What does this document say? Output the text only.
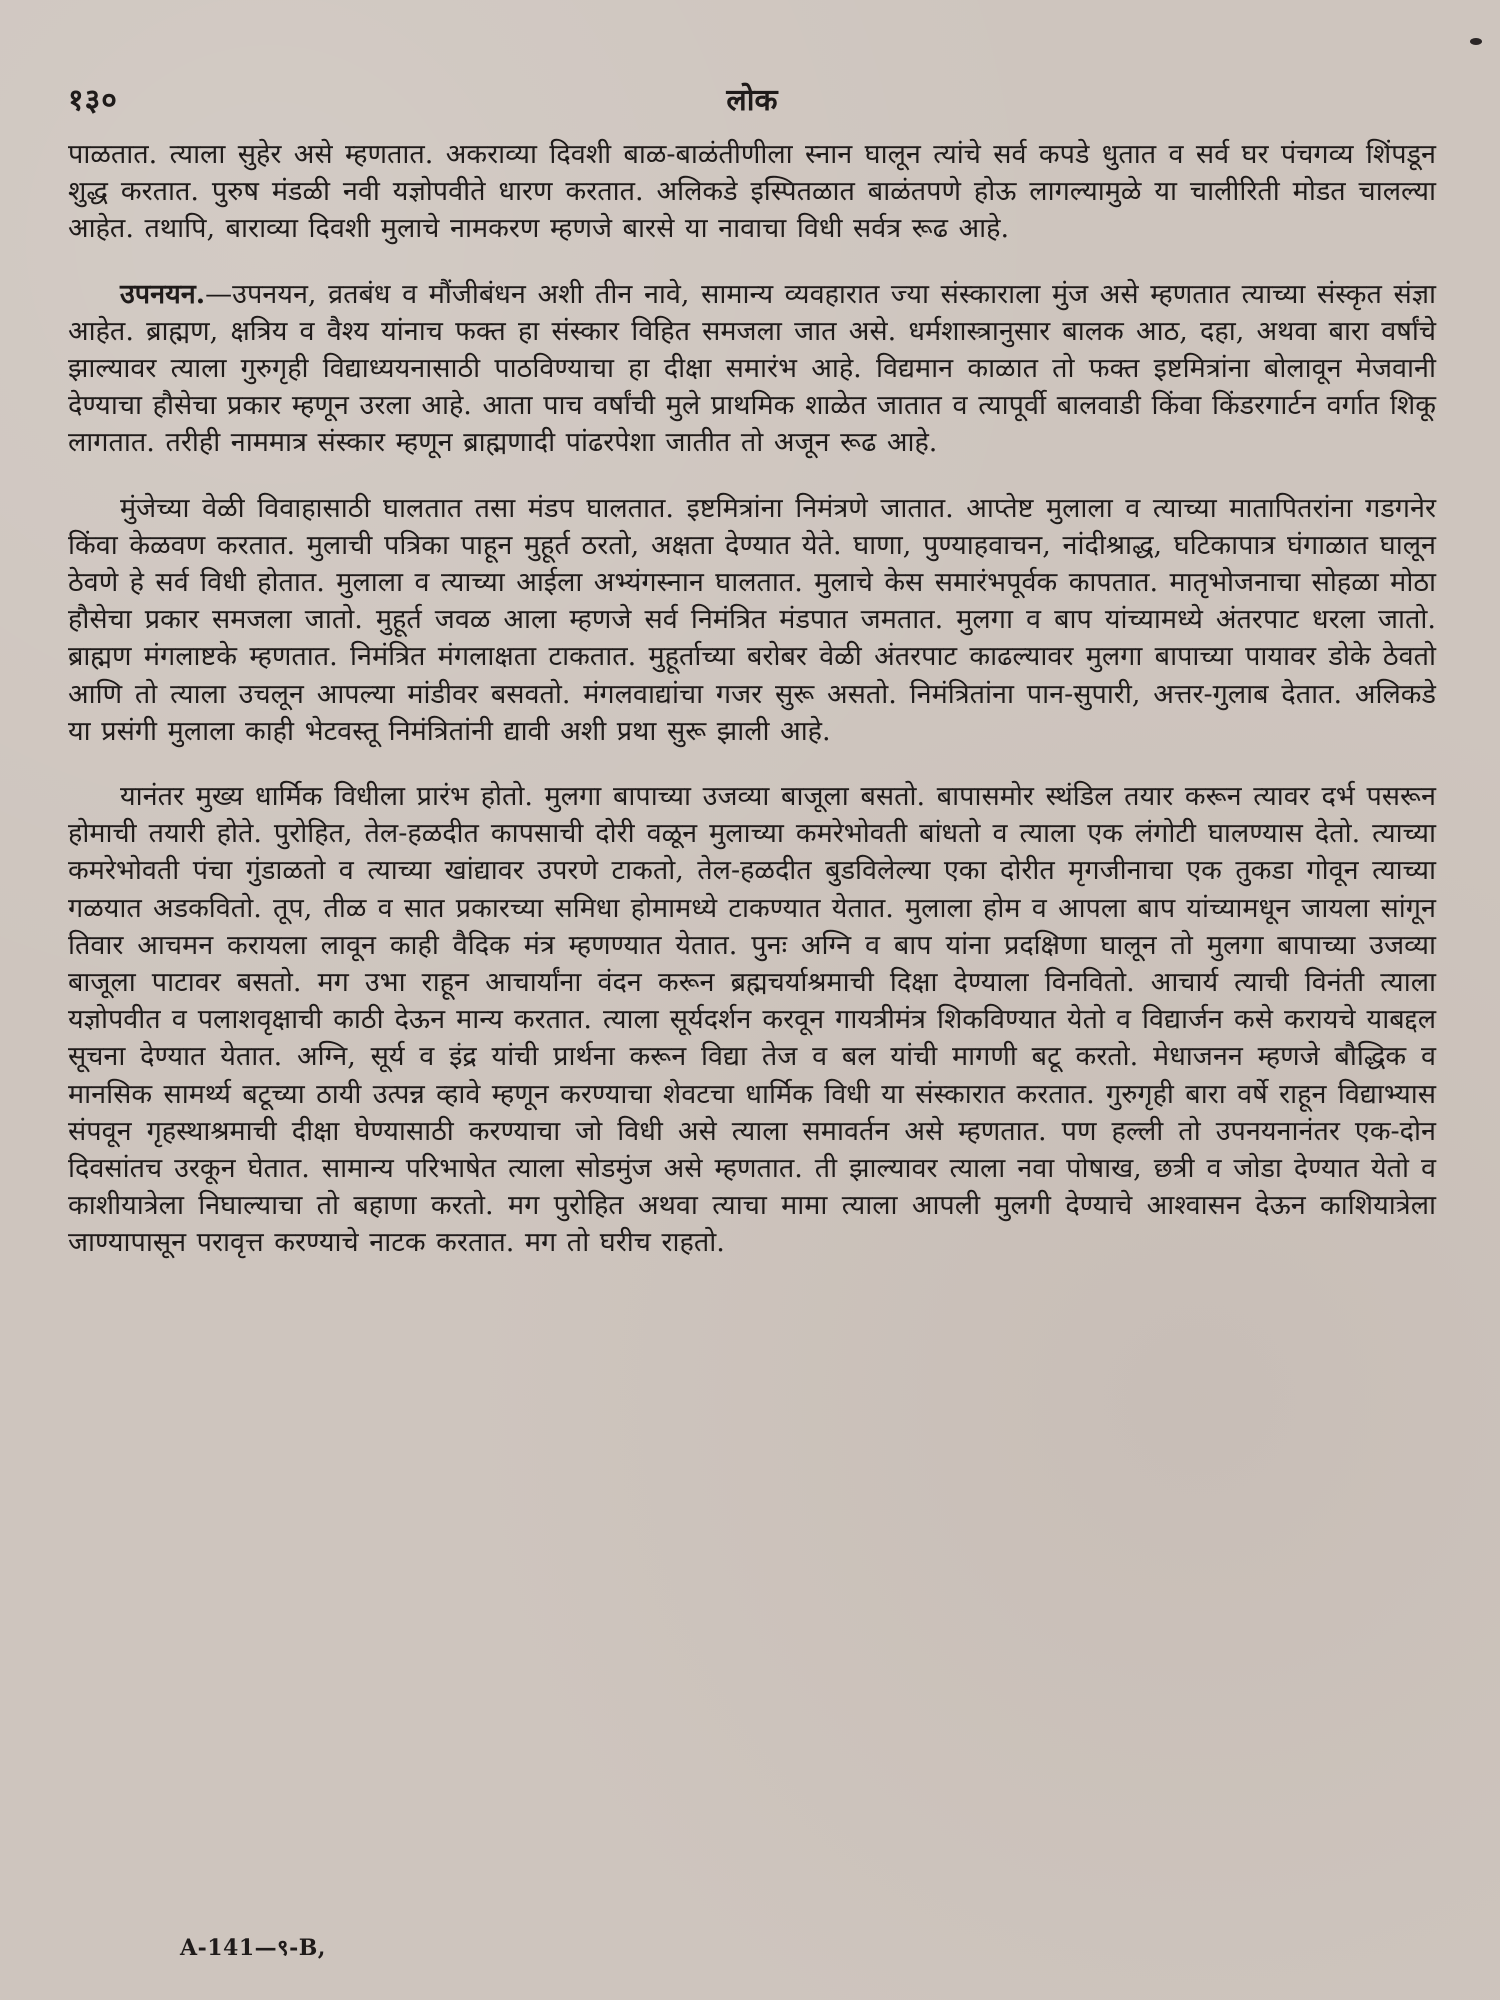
१३०	लोक

पाळतात. त्याला सुहेर असे म्हणतात. अकराव्या दिवशी बाळ-बाळंतीणीला स्नान घालून त्यांचे सर्व कपडे धुतात व सर्व घर पंचगव्य शिंपडून शुद्ध करतात. पुरुष मंडळी नवी यज्ञोपवीते धारण करतात. अलिकडे इस्पितळात बाळंतपणे होऊ लागल्यामुळे या चालीरिती मोडत चालल्या आहेत. तथापि, बाराव्या दिवशी मुलाचे नामकरण म्हणजे बारसे या नावाचा विधी सर्वत्र रूढ आहे.

उपनयन.—उपनयन, व्रतबंध व मौंजीबंधन अशी तीन नावे, सामान्य व्यवहारात ज्या संस्काराला मुंज असे म्हणतात त्याच्या संस्कृत संज्ञा आहेत. ब्राह्मण, क्षत्रिय व वैश्य यांनाच फक्त हा संस्कार विहित समजला जात असे. धर्मशास्त्रानुसार बालक आठ, दहा, अथवा बारा वर्षांचे झाल्यावर त्याला गुरुगृही विद्याध्ययनासाठी पाठविण्याचा हा दीक्षा समारंभ आहे. विद्यमान काळात तो फक्त इष्टमित्रांना बोलावून मेजवानी देण्याचा हौसेचा प्रकार म्हणून उरला आहे. आता पाच वर्षांची मुले प्राथमिक शाळेत जातात व त्यापूर्वी बालवाडी किंवा किंडरगार्टन वर्गात शिकू लागतात. तरीही नाममात्र संस्कार म्हणून ब्राह्मणादी पांढरपेशा जातीत तो अजून रूढ आहे.

मुंजेच्या वेळी विवाहासाठी घालतात तसा मंडप घालतात. इष्टमित्रांना निमंत्रणे जातात. आप्तेष्ट मुलाला व त्याच्या मातापितरांना गडगनेर किंवा केळवण करतात. मुलाची पत्रिका पाहून मुहूर्त ठरतो, अक्षता देण्यात येते. घाणा, पुण्याहवाचन, नांदीश्राद्ध, घटिकापात्र घंगाळात घालून ठेवणे हे सर्व विधी होतात. मुलाला व त्याच्या आईला अभ्यंगस्नान घालतात. मुलाचे केस समारंभपूर्वक कापतात. मातृभोजनाचा सोहळा मोठा हौसेचा प्रकार समजला जातो. मुहूर्त जवळ आला म्हणजे सर्व निमंत्रित मंडपात जमतात. मुलगा व बाप यांच्यामध्ये अंतरपाट धरला जातो. ब्राह्मण मंगलाष्टके म्हणतात. निमंत्रित मंगलाक्षता टाकतात. मुहूर्ताच्या बरोबर वेळी अंतरपाट काढल्यावर मुलगा बापाच्या पायावर डोके ठेवतो आणि तो त्याला उचलून आपल्या मांडीवर बसवतो. मंगलवाद्यांचा गजर सुरू असतो. निमंत्रितांना पान-सुपारी, अत्तर-गुलाब देतात. अलिकडे या प्रसंगी मुलाला काही भेटवस्तू निमंत्रितांनी द्यावी अशी प्रथा सुरू झाली आहे.

यानंतर मुख्य धार्मिक विधीला प्रारंभ होतो. मुलगा बापाच्या उजव्या बाजूला बसतो. बापासमोर स्थंडिल तयार करून त्यावर दर्भ पसरून होमाची तयारी होते. पुरोहित, तेल-हळदीत कापसाची दोरी वळून मुलाच्या कमरेभोवती बांधतो व त्याला एक लंगोटी घालण्यास देतो. त्याच्या कमरेभोवती पंचा गुंडाळतो व त्याच्या खांद्यावर उपरणे टाकतो, तेल-हळदीत बुडविलेल्या एका दोरीत मृगजीनाचा एक तुकडा गोवून त्याच्या गळयात अडकवितो. तूप, तीळ व सात प्रकारच्या समिधा होमामध्ये टाकण्यात येतात. मुलाला होम व आपला बाप यांच्यामधून जायला सांगून तिवार आचमन करायला लावून काही वैदिक मंत्र म्हणण्यात येतात. पुनः अग्नि व बाप यांना प्रदक्षिणा घालून तो मुलगा बापाच्या उजव्या बाजूला पाटावर बसतो. मग उभा राहून आचार्यांना वंदन करून ब्रह्मचर्याश्रमाची दिक्षा देण्याला विनवितो. आचार्य त्याची विनंती त्याला यज्ञोपवीत व पलाशवृक्षाची काठी देऊन मान्य करतात. त्याला सूर्यदर्शन करवून गायत्रीमंत्र शिकविण्यात येतो व विद्यार्जन कसे करायचे याबद्दल सूचना देण्यात येतात. अग्नि, सूर्य व इंद्र यांची प्रार्थना करून विद्या तेज व बल यांची मागणी बटू करतो. मेधाजनन म्हणजे बौद्धिक व मानसिक सामर्थ्य बटूच्या ठायी उत्पन्न व्हावे म्हणून करण्याचा शेवटचा धार्मिक विधी या संस्कारात करतात. गुरुगृही बारा वर्षे राहून विद्याभ्यास संपवून गृहस्थाश्रमाची दीक्षा घेण्यासाठी करण्याचा जो विधी असे त्याला समावर्तन असे म्हणतात. पण हल्ली तो उपनयनानंतर एक-दोन दिवसांतच उरकून घेतात. सामान्य परिभाषेत त्याला सोडमुंज असे म्हणतात. ती झाल्यावर त्याला नवा पोषाख, छत्री व जोडा देण्यात येतो व काशीयात्रेला निघाल्याचा तो बहाणा करतो. मग पुरोहित अथवा त्याचा मामा त्याला आपली मुलगी देण्याचे आश्वासन देऊन काशियात्रेला जाण्यापासून परावृत्त करण्याचे नाटक करतात. मग तो घरीच राहतो.

A-141—९-B,
